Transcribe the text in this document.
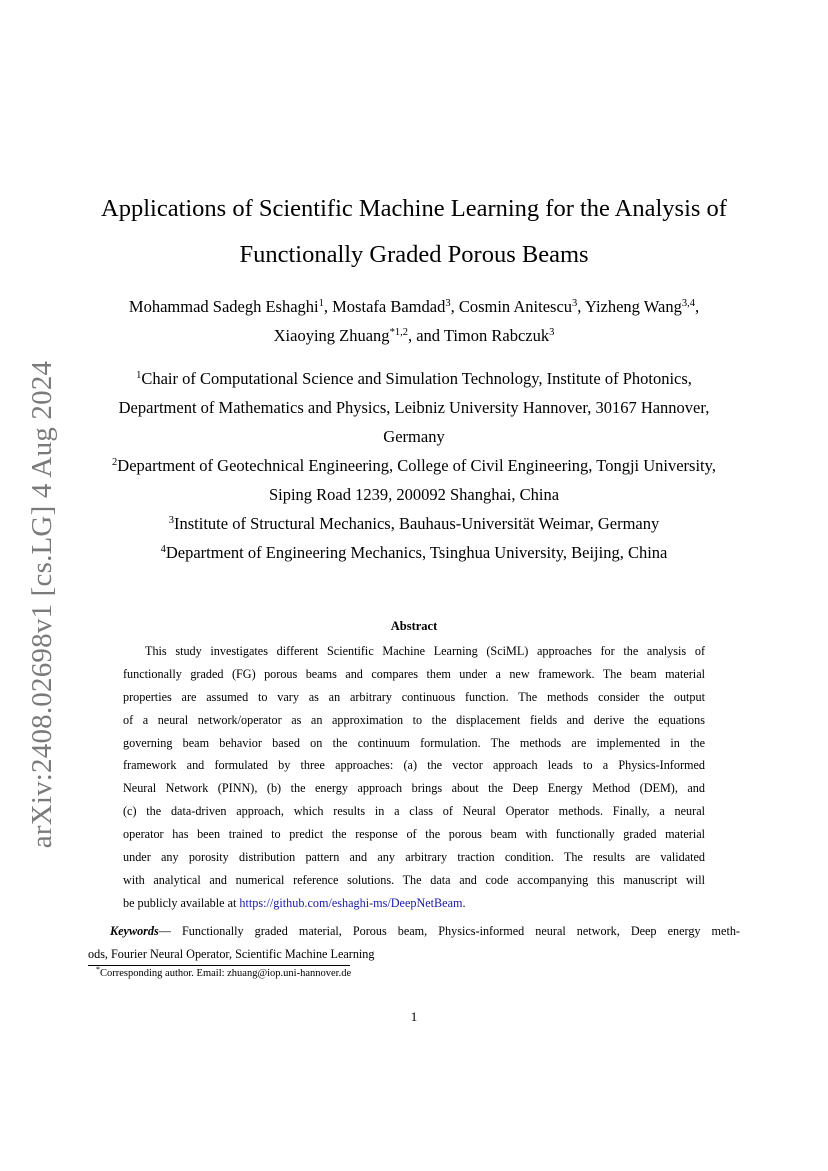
arXiv:2408.02698v1 [cs.LG] 4 Aug 2024
Applications of Scientific Machine Learning for the Analysis of
Functionally Graded Porous Beams
Mohammad Sadegh Eshaghi$^1$, Mostafa Bamdad$^3$, Cosmin Anitescu$^3$, Yizheng Wang$^{3,4}$,
Xiaoying Zhuang$^{*1,2}$, and Timon Rabczuk$^3$
$^1$Chair of Computational Science and Simulation Technology, Institute of Photonics,
Department of Mathematics and Physics, Leibniz University Hannover, 30167 Hannover,
Germany
$^2$Department of Geotechnical Engineering, College of Civil Engineering, Tongji University,
Siping Road 1239, 200092 Shanghai, China
$^3$Institute of Structural Mechanics, Bauhaus-Universität Weimar, Germany
$^4$Department of Engineering Mechanics, Tsinghua University, Beijing, China
Abstract
This study investigates different Scientific Machine Learning (SciML) approaches for the analysis of
functionally graded (FG) porous beams and compares them under a new framework. The beam material
properties are assumed to vary as an arbitrary continuous function. The methods consider the output
of a neural network/operator as an approximation to the displacement fields and derive the equations
governing beam behavior based on the continuum formulation. The methods are implemented in the
framework and formulated by three approaches: (a) the vector approach leads to a Physics-Informed
Neural Network (PINN), (b) the energy approach brings about the Deep Energy Method (DEM), and
(c) the data-driven approach, which results in a class of Neural Operator methods. Finally, a neural
operator has been trained to predict the response of the porous beam with functionally graded material
under any porosity distribution pattern and any arbitrary traction condition. The results are validated
with analytical and numerical reference solutions. The data and code accompanying this manuscript will
be publicly available at https://github.com/eshaghi-ms/DeepNetBeam.
Keywords— Functionally graded material, Porous beam, Physics-informed neural network, Deep energy meth-
ods, Fourier Neural Operator, Scientific Machine Learning
*Corresponding author. Email: zhuang@iop.uni-hannover.de
1
